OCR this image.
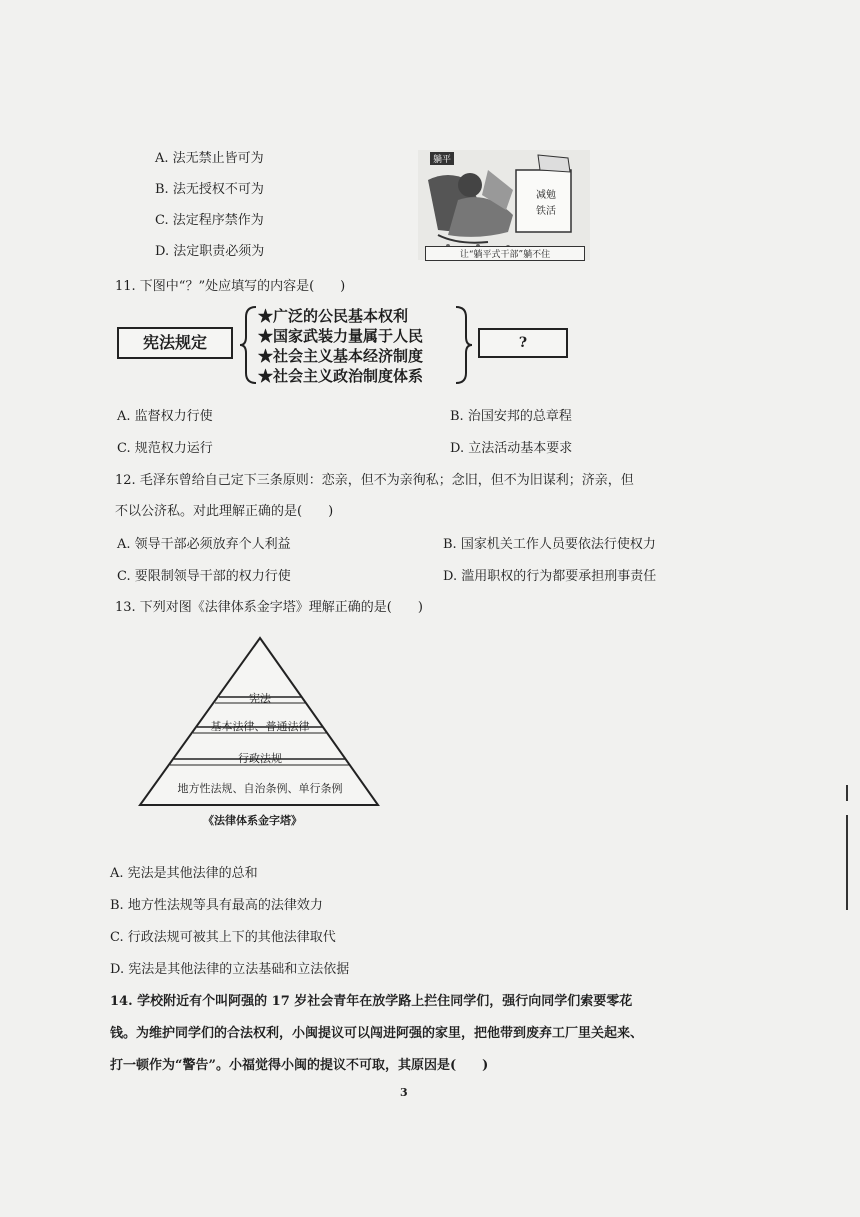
A. 法无禁止皆可为
B. 法无授权不可为
C. 法定程序禁作为
D. 法定职责必须为
躺平
减勉
铁活
让“躺平式干部”躺不住
11. 下图中“？”处应填写的内容是(　　)
宪法规定
★广泛的公民基本权利
★国家武装力量属于人民
★社会主义基本经济制度
★社会主义政治制度体系
?
A. 监督权力行使	B. 治国安邦的总章程
C. 规范权力运行	D. 立法活动基本要求
12. 毛泽东曾给自己定下三条原则：恋亲，但不为亲徇私；念旧，但不为旧谋利；济亲，但
不以公济私。对此理解正确的是(　　)
A. 领导干部必须放弃个人利益	B. 国家机关工作人员要依法行使权力
C. 要限制领导干部的权力行使	D. 滥用职权的行为都要承担刑事责任
13. 下列对图《法律体系金字塔》理解正确的是(　　)
宪法
基本法律、普通法律
行政法规
地方性法规、自治条例、单行条例
《法律体系金字塔》
A. 宪法是其他法律的总和
B. 地方性法规等具有最高的法律效力
C. 行政法规可被其上下的其他法律取代
D. 宪法是其他法律的立法基础和立法依据
14. 学校附近有个叫阿强的 17 岁社会青年在放学路上拦住同学们，强行向同学们索要零花
钱。为维护同学们的合法权利，小闽提议可以闯进阿强的家里，把他带到废弃工厂里关起来、
打一顿作为“警告”。小福觉得小闽的提议不可取，其原因是(　　)
3
